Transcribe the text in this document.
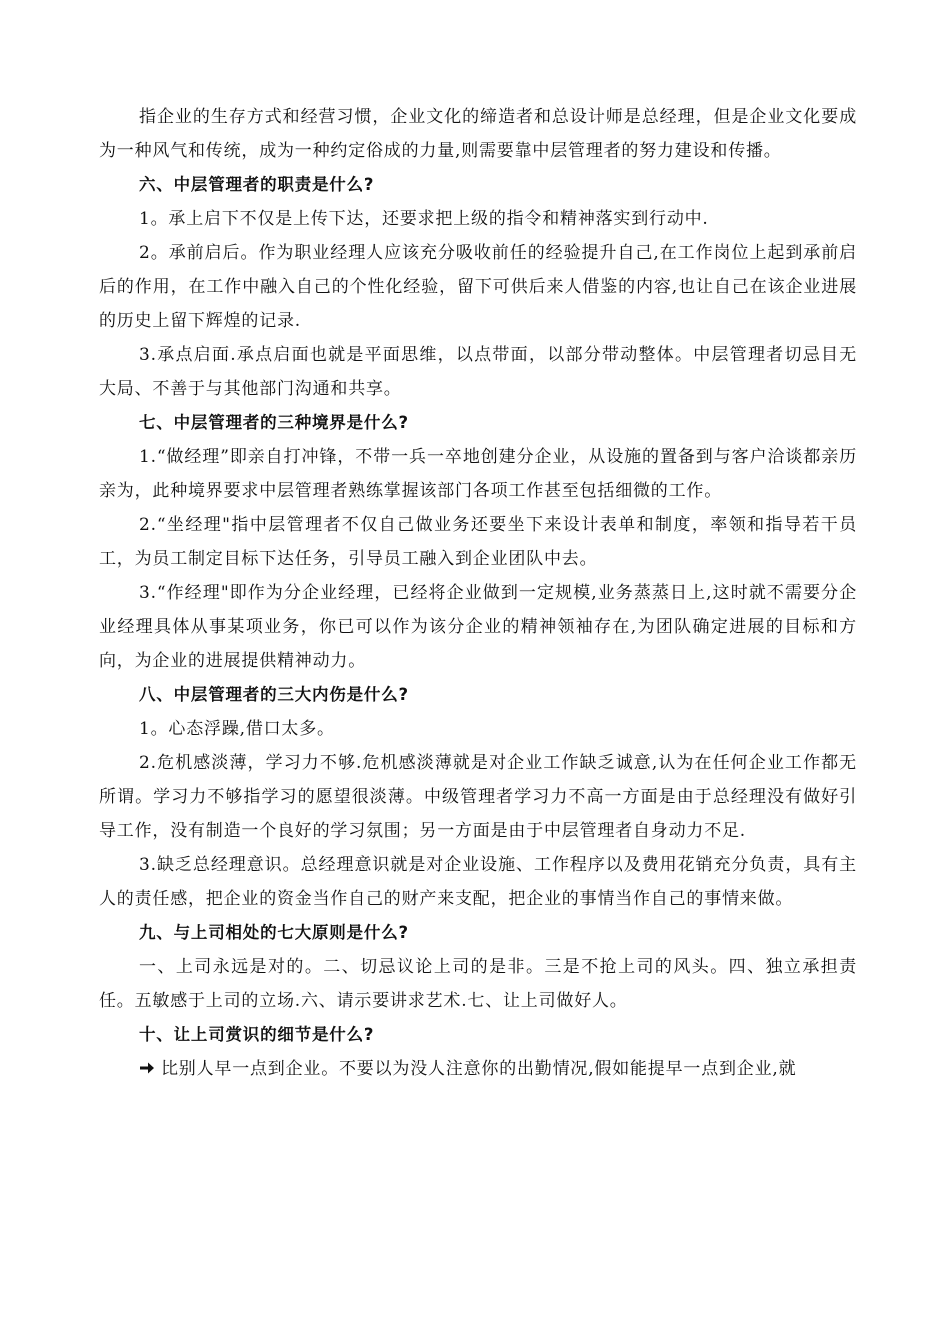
指企业的生存方式和经营习惯，企业文化的缔造者和总设计师是总经理，但是企业文化要成为一种风气和传统，成为一种约定俗成的力量,则需要靠中层管理者的努力建设和传播。

六、中层管理者的职责是什么?

1。承上启下不仅是上传下达，还要求把上级的指令和精神落实到行动中.

2。承前启后。作为职业经理人应该充分吸收前任的经验提升自己,在工作岗位上起到承前启后的作用，在工作中融入自己的个性化经验，留下可供后来人借鉴的内容,也让自己在该企业进展的历史上留下辉煌的记录.

3.承点启面.承点启面也就是平面思维，以点带面，以部分带动整体。中层管理者切忌目无大局、不善于与其他部门沟通和共享。

七、中层管理者的三种境界是什么?

1.“做经理”即亲自打冲锋，不带一兵一卒地创建分企业，从设施的置备到与客户洽谈都亲历亲为，此种境界要求中层管理者熟练掌握该部门各项工作甚至包括细微的工作。

2.“坐经理"指中层管理者不仅自己做业务还要坐下来设计表单和制度，率领和指导若干员工，为员工制定目标下达任务，引导员工融入到企业团队中去。

3.“作经理"即作为分企业经理，已经将企业做到一定规模,业务蒸蒸日上,这时就不需要分企业经理具体从事某项业务，你已可以作为该分企业的精神领袖存在,为团队确定进展的目标和方向，为企业的进展提供精神动力。

八、中层管理者的三大内伤是什么?

1。心态浮躁,借口太多。

2.危机感淡薄，学习力不够.危机感淡薄就是对企业工作缺乏诚意,认为在任何企业工作都无所谓。学习力不够指学习的愿望很淡薄。中级管理者学习力不高一方面是由于总经理没有做好引导工作，没有制造一个良好的学习氛围；另一方面是由于中层管理者自身动力不足.

3.缺乏总经理意识。总经理意识就是对企业设施、工作程序以及费用花销充分负责，具有主人的责任感，把企业的资金当作自己的财产来支配，把企业的事情当作自己的事情来做。

九、与上司相处的七大原则是什么?

一、上司永远是对的。二、切忌议论上司的是非。三是不抢上司的风头。四、独立承担责任。五敏感于上司的立场.六、请示要讲求艺术.七、让上司做好人。

十、让上司赏识的细节是什么?

比别人早一点到企业。不要以为没人注意你的出勤情况,假如能提早一点到企业,就
